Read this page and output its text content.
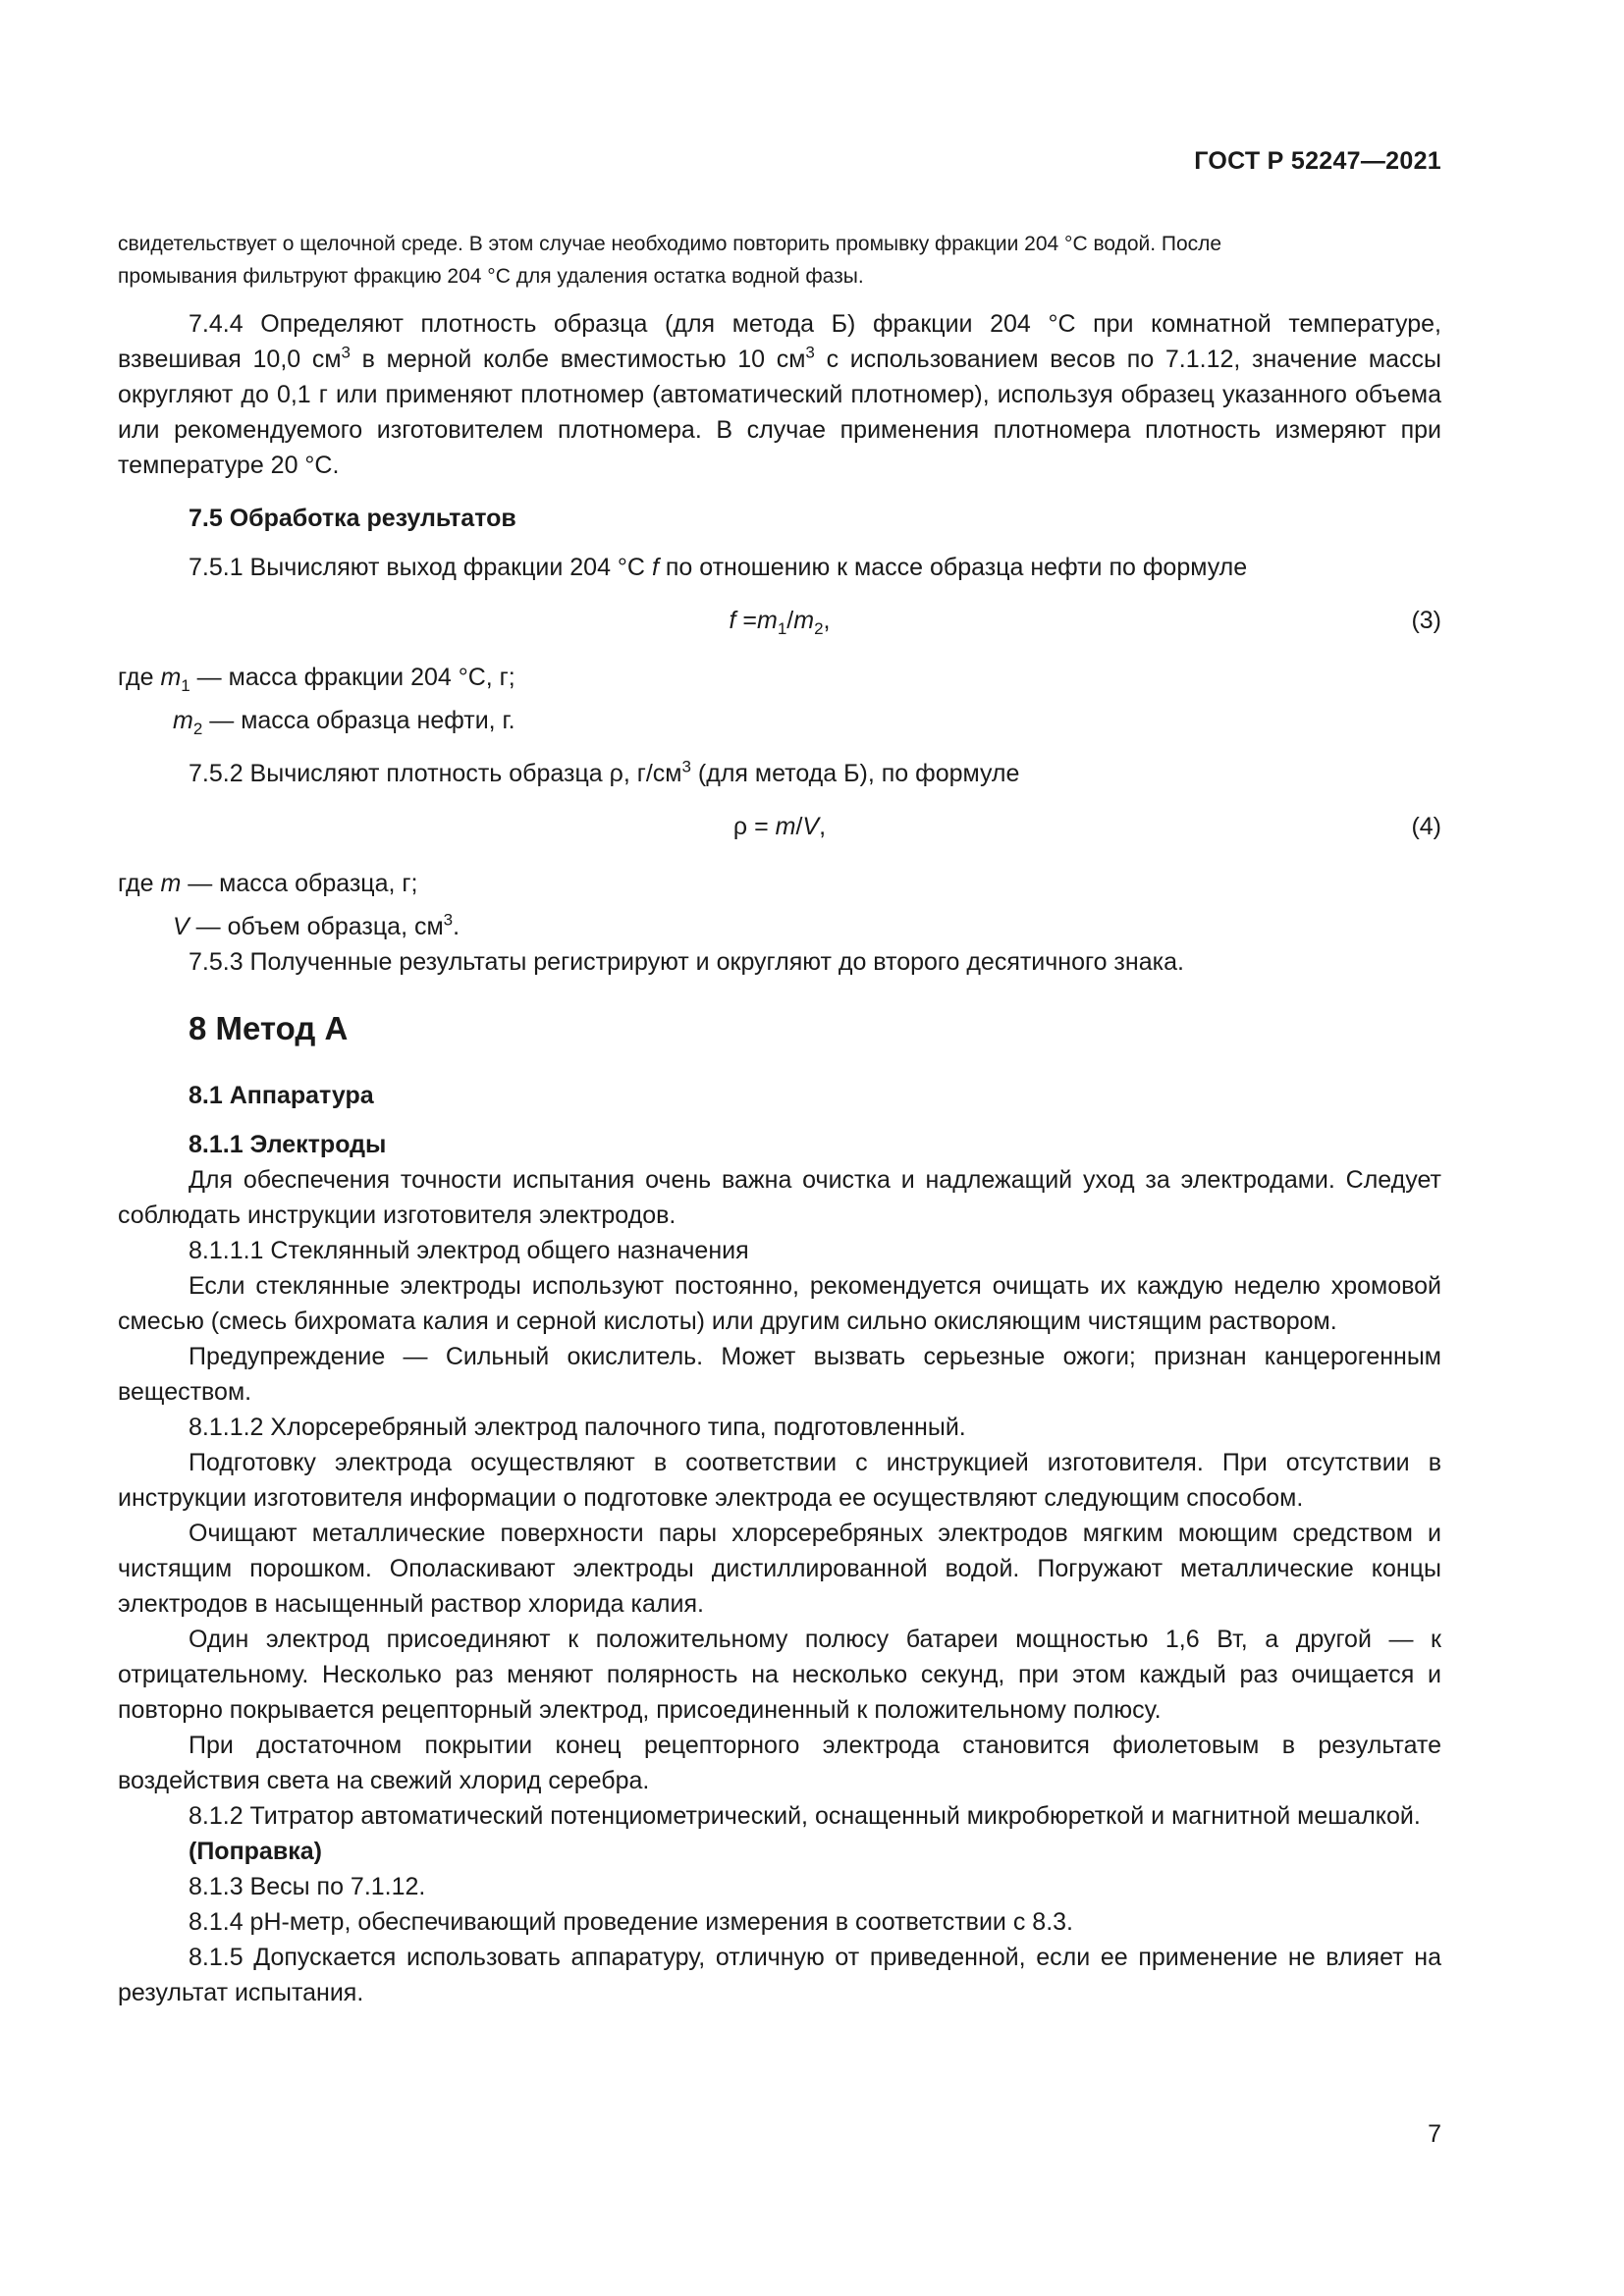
ГОСТ Р 52247—2021

свидетельствует о щелочной среде. В этом случае необходимо повторить промывку фракции 204 °С водой. После

промывания фильтруют фракцию 204 °С для удаления остатка водной фазы.

7.4.4 Определяют плотность образца (для метода Б) фракции 204 °С при комнатной температуре, взвешивая 10,0 $см^3$ в мерной колбе вместимостью 10 $см^3$ с использованием весов по 7.1.12, значение массы округляют до 0,1 г или применяют плотномер (автоматический плотномер), используя образец указанного объема или рекомендуемого изготовителем плотномера. В случае применения плотномера плотность измеряют при температуре 20 °С.

7.5 Обработка результатов

7.5.1 Вычисляют выход фракции 204 °С f по отношению к массе образца нефти по формуле

$f =m_1/m_2$,	(3)
где $m_1$ — масса фракции 204 °С, г;
$m_2$ — масса образца нефти, г.

7.5.2 Вычисляют плотность образца ρ, $г/см^3$ (для метода Б), по формуле

ρ = m/V,	(4)
где m — масса образца, г;
V — объем образца, $см^3$.

7.5.3 Полученные результаты регистрируют и округляют до второго десятичного знака.

8 Метод А
8.1 Аппаратура
8.1.1 Электроды

Для обеспечения точности испытания очень важна очистка и надлежащий уход за электродами. Следует соблюдать инструкции изготовителя электродов.

8.1.1.1 Стеклянный электрод общего назначения

Если стеклянные электроды используют постоянно, рекомендуется очищать их каждую неделю хромовой смесью (смесь бихромата калия и серной кислоты) или другим сильно окисляющим чистящим раствором.

Предупреждение — Сильный окислитель. Может вызвать серьезные ожоги; признан канцерогенным веществом.

8.1.1.2 Хлорсеребряный электрод палочного типа, подготовленный.

Подготовку электрода осуществляют в соответствии с инструкцией изготовителя. При отсутствии в инструкции изготовителя информации о подготовке электрода ее осуществляют следующим способом.

Очищают металлические поверхности пары хлорсеребряных электродов мягким моющим средством и чистящим порошком. Ополаскивают электроды дистиллированной водой. Погружают металлические концы электродов в насыщенный раствор хлорида калия.

Один электрод присоединяют к положительному полюсу батареи мощностью 1,6 Вт, а другой — к отрицательному. Несколько раз меняют полярность на несколько секунд, при этом каждый раз очищается и повторно покрывается рецепторный электрод, присоединенный к положительному полюсу.

При достаточном покрытии конец рецепторного электрода становится фиолетовым в результате воздействия света на свежий хлорид серебра.

8.1.2 Титратор автоматический потенциометрический, оснащенный микробюреткой и магнитной мешалкой.

(Поправка)

8.1.3 Весы по 7.1.12.

8.1.4 pH-метр, обеспечивающий проведение измерения в соответствии с 8.3.

8.1.5 Допускается использовать аппаратуру, отличную от приведенной, если ее применение не влияет на результат испытания.

7
